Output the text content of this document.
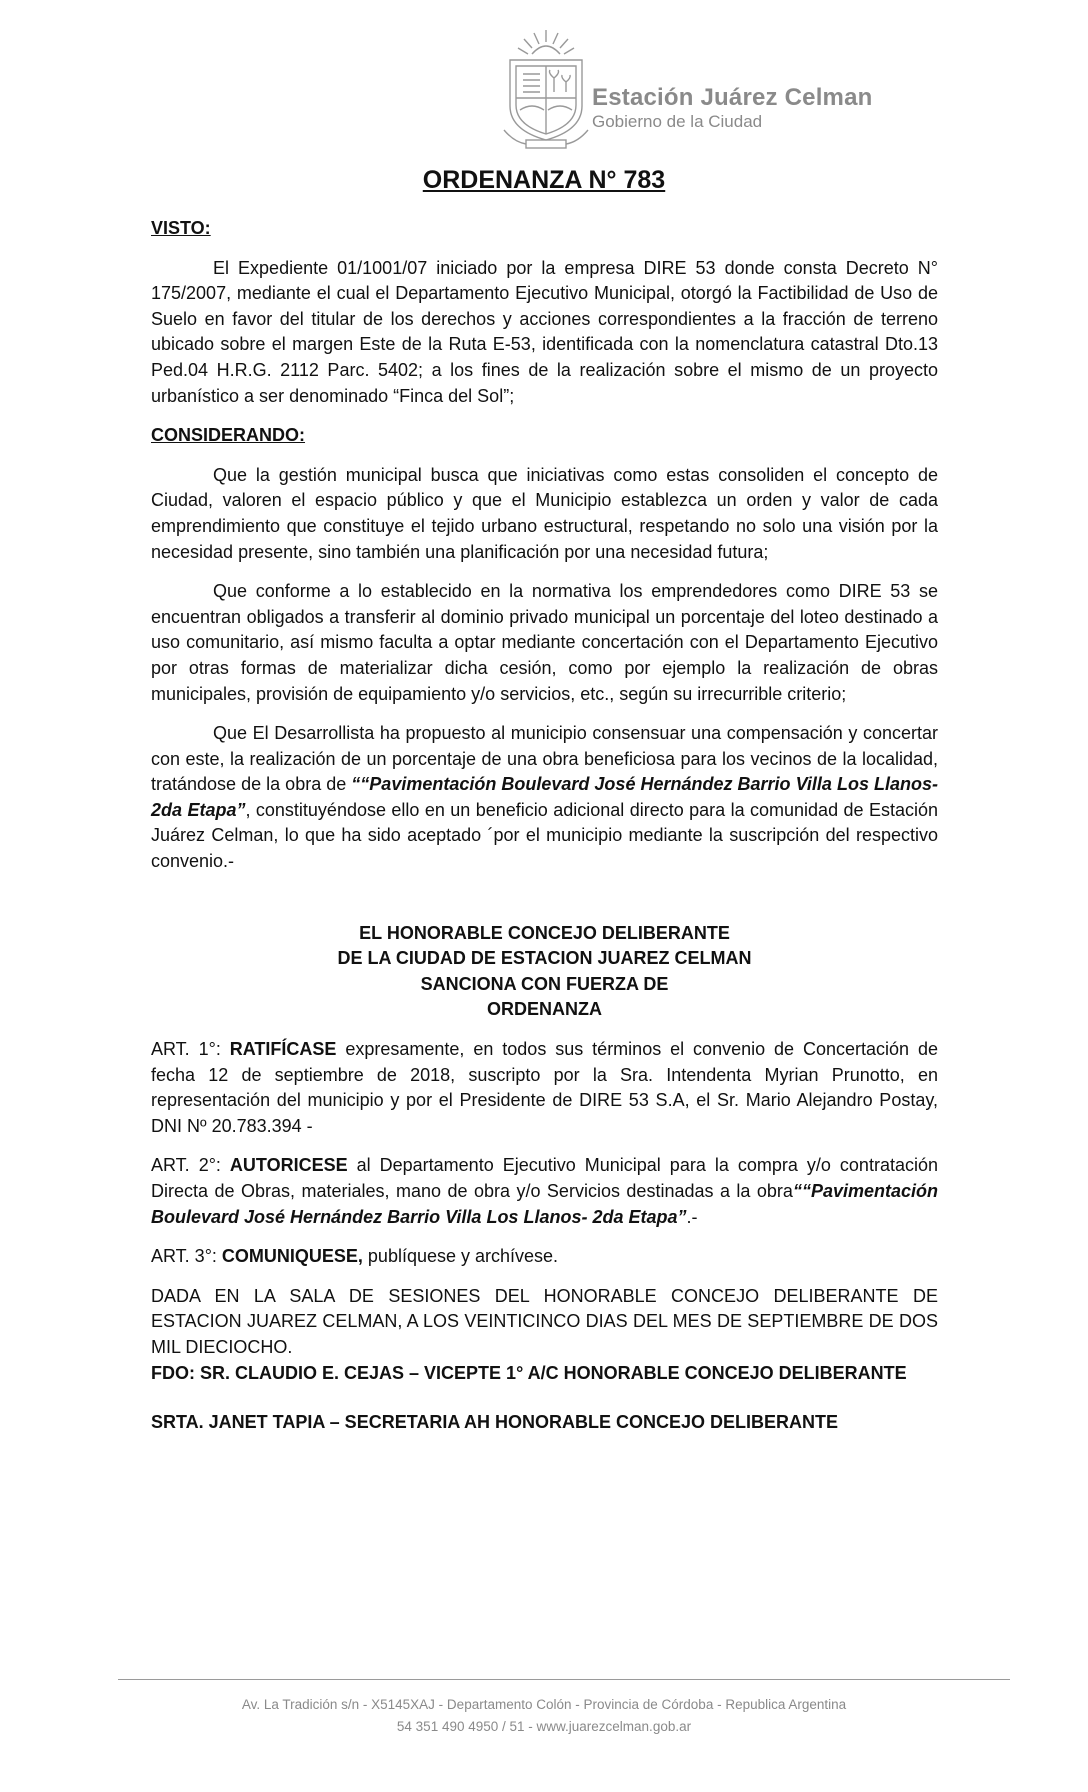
Estación Juárez Celman
Gobierno de la Ciudad
ORDENANZA N° 783

VISTO:

El Expediente 01/1001/07 iniciado por la empresa DIRE 53 donde consta Decreto N° 175/2007, mediante el cual el Departamento Ejecutivo Municipal, otorgó la Factibilidad de Uso de Suelo en favor del titular de los derechos y acciones correspondientes a la fracción de terreno ubicado sobre el margen Este de la Ruta E-53, identificada con la nomenclatura catastral Dto.13 Ped.04 H.R.G. 2112 Parc. 5402; a los fines de la realización sobre el mismo de un proyecto urbanístico a ser denominado “Finca del Sol”;

CONSIDERANDO:

Que la gestión municipal busca que iniciativas como estas consoliden el concepto de Ciudad, valoren el espacio público y que el Municipio establezca un orden y valor de cada emprendimiento que constituye el tejido urbano estructural, respetando no solo una visión por la necesidad presente, sino también una planificación por una necesidad futura;

Que conforme a lo establecido en la normativa los emprendedores como DIRE 53 se encuentran obligados a transferir al dominio privado municipal un porcentaje del loteo destinado a uso comunitario, así mismo faculta a optar mediante concertación con el Departamento Ejecutivo por otras formas de materializar dicha cesión, como por ejemplo la realización de obras municipales, provisión de equipamiento y/o servicios, etc., según su irrecurrible criterio;

Que El Desarrollista ha propuesto al municipio consensuar una compensación y concertar con este, la realización de un porcentaje de una obra beneficiosa para los vecinos de la localidad, tratándose de la obra de ““Pavimentación Boulevard José Hernández Barrio Villa Los Llanos- 2da Etapa”, constituyéndose ello en un beneficio adicional directo para la comunidad de Estación Juárez Celman, lo que ha sido aceptado ´por el municipio mediante la suscripción del respectivo convenio.-

EL HONORABLE CONCEJO DELIBERANTE
DE LA CIUDAD DE ESTACION JUAREZ CELMAN
SANCIONA CON FUERZA DE
ORDENANZA

ART. 1°: RATIFÍCASE expresamente, en todos sus términos el convenio de Concertación de fecha 12 de septiembre de 2018, suscripto por la Sra. Intendenta Myrian Prunotto, en representación del municipio y por el Presidente de DIRE 53 S.A, el Sr. Mario Alejandro Postay, DNI Nº 20.783.394 -

ART. 2°: AUTORICESE al Departamento Ejecutivo Municipal para la compra y/o contratación Directa de Obras, materiales, mano de obra y/o Servicios destinadas a la obra““Pavimentación Boulevard José Hernández Barrio Villa Los Llanos- 2da Etapa”.-

ART. 3°: COMUNIQUESE, publíquese y archívese.

DADA EN LA SALA DE SESIONES DEL HONORABLE CONCEJO DELIBERANTE DE ESTACION JUAREZ CELMAN, A LOS VEINTICINCO DIAS DEL MES DE SEPTIEMBRE DE DOS MIL DIECIOCHO.

FDO: SR. CLAUDIO E. CEJAS – VICEPTE 1° A/C HONORABLE CONCEJO DELIBERANTE

SRTA. JANET TAPIA – SECRETARIA AH HONORABLE CONCEJO DELIBERANTE

Av. La Tradición s/n - X5145XAJ - Departamento Colón - Provincia de Córdoba - Republica Argentina
54 351 490 4950 / 51 - www.juarezcelman.gob.ar
